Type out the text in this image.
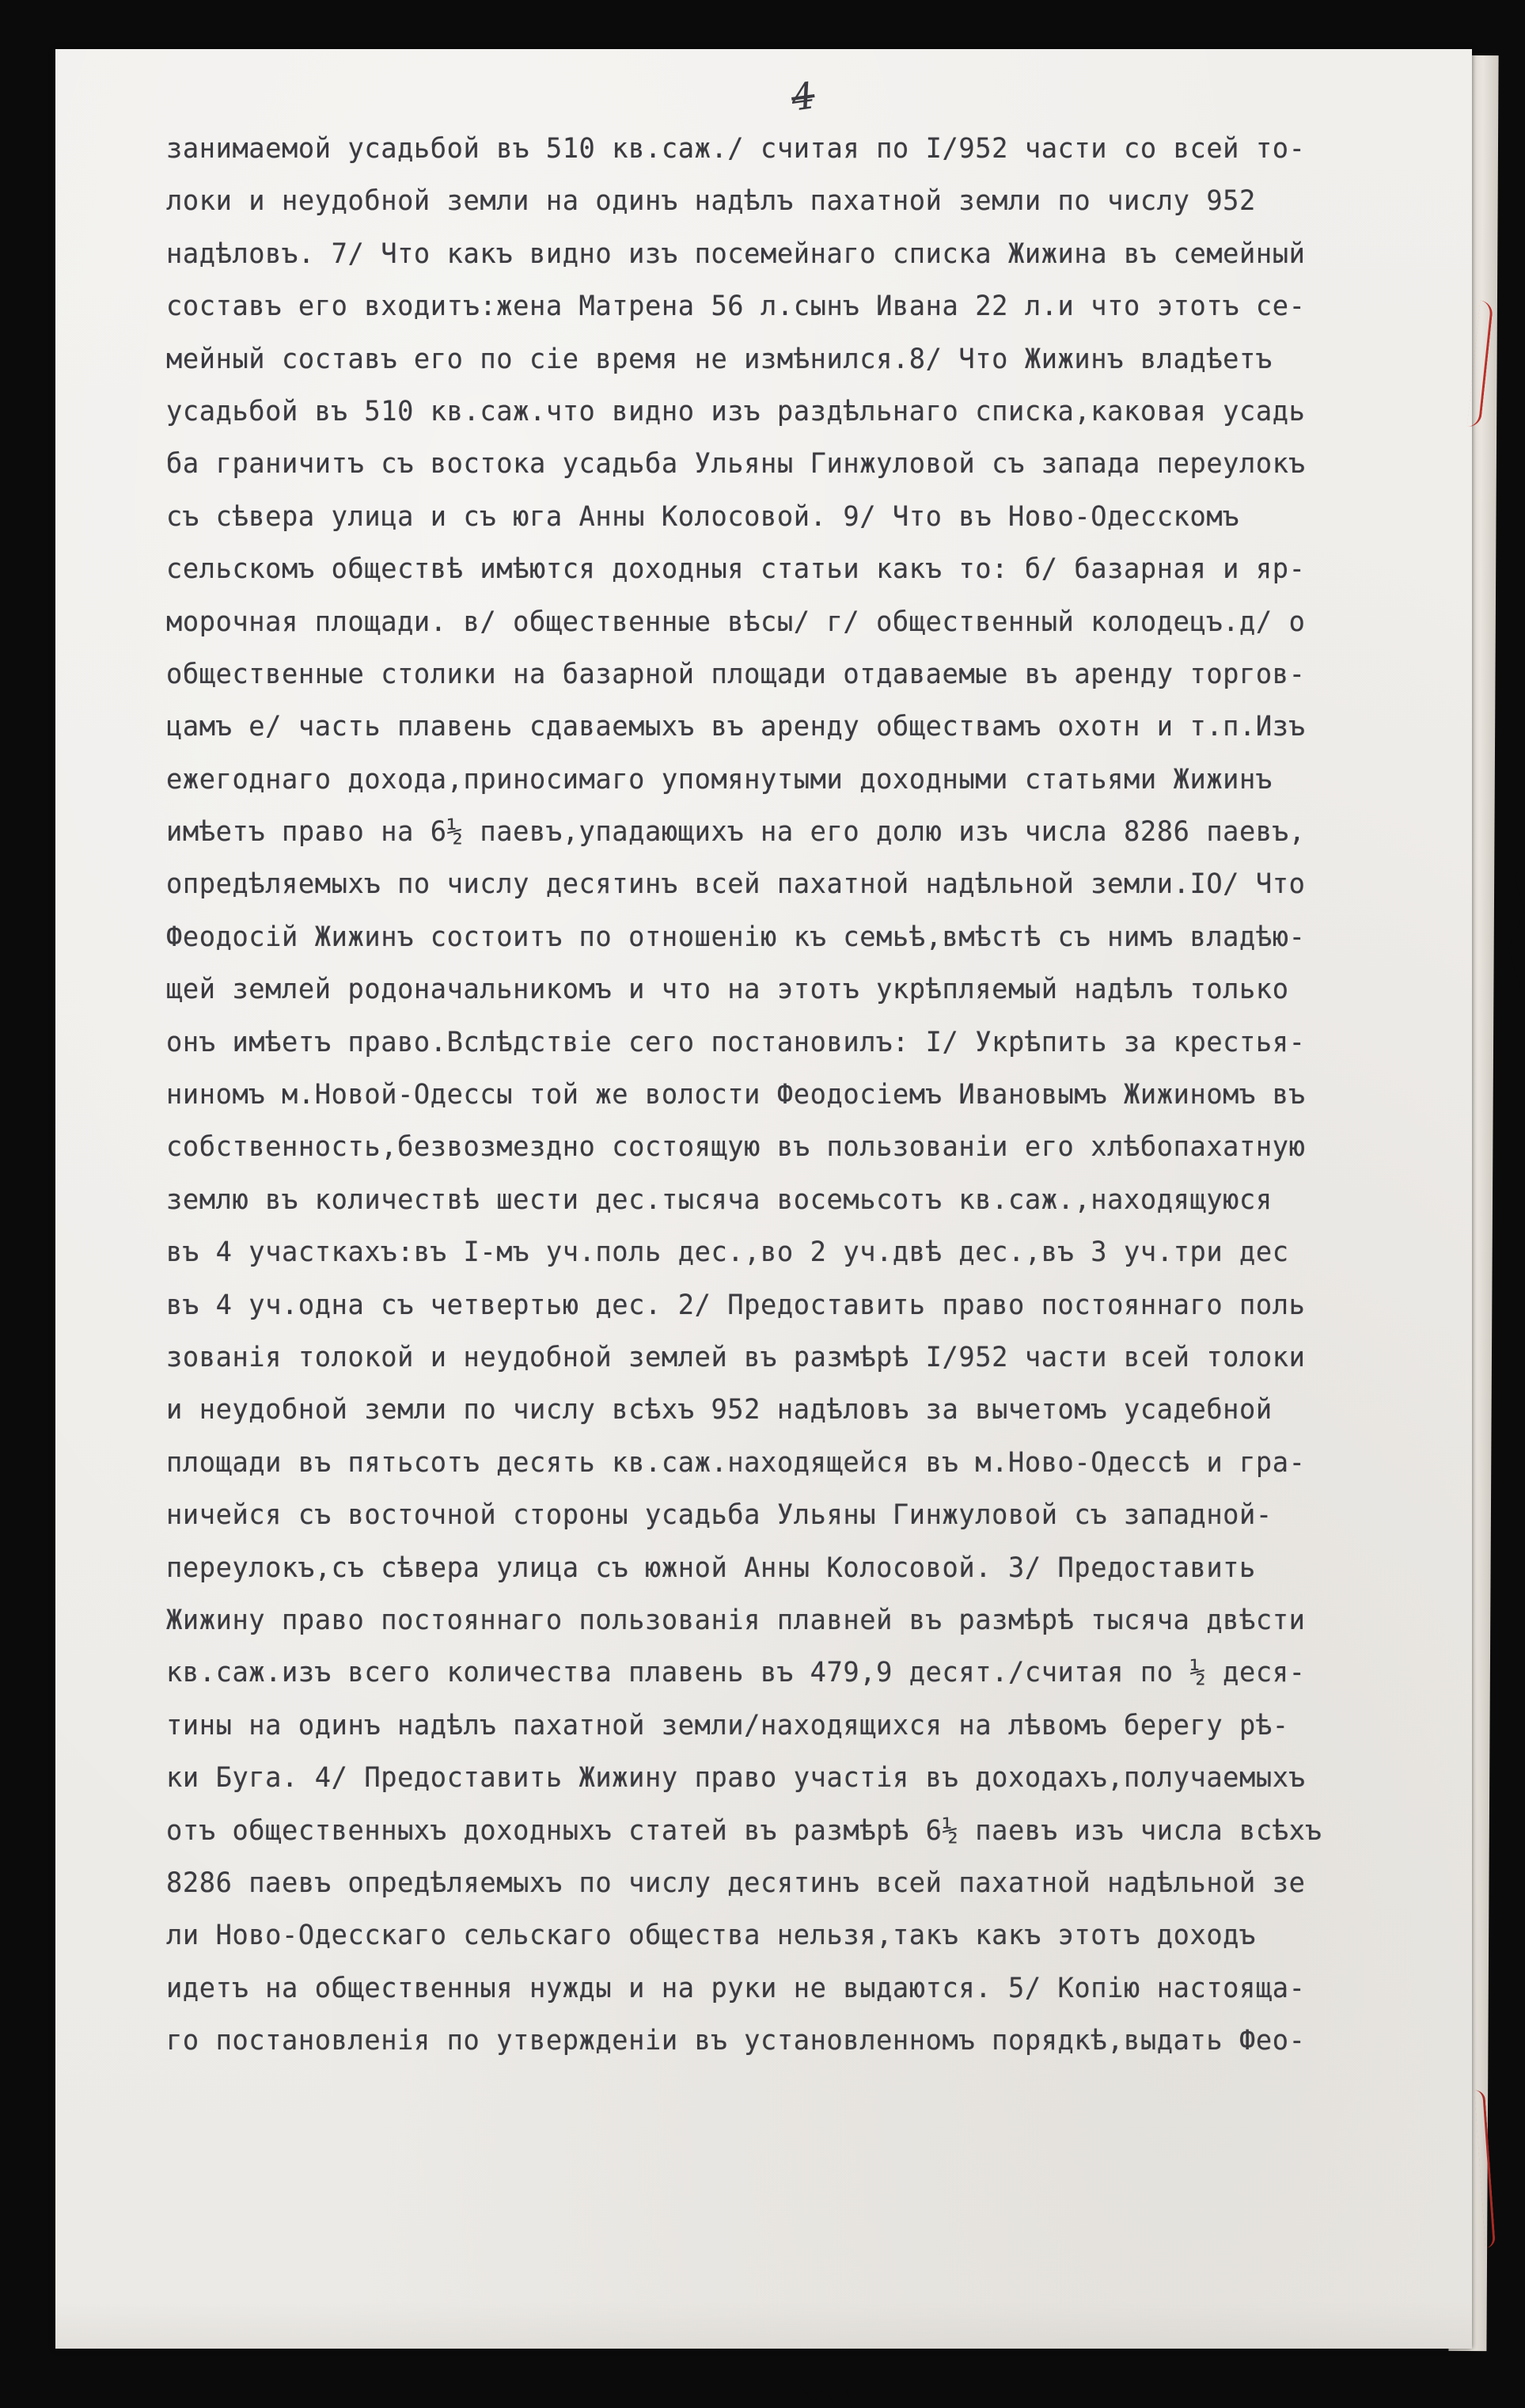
4
занимаемой усадьбой въ 510 кв.саж./ считая по I/952 части со всей то-
локи и неудобной земли на одинъ надѣлъ пахатной земли по числу 952
надѣловъ. 7/ Что какъ видно изъ посемейнаго списка Жижина въ семейный
составъ его входитъ:жена Матрена 56 л.сынъ Ивана 22 л.и что этотъ се-
мейный составъ его по сіе время не измѣнился.8/ Что Жижинъ владѣетъ
усадьбой въ 510 кв.саж.что видно изъ раздѣльнаго списка,каковая усадь
ба граничитъ съ востока усадьба Ульяны Гинжуловой съ запада переулокъ
съ сѣвера улица и съ юга Анны Колосовой. 9/ Что въ Ново-Одесскомъ
сельскомъ обществѣ имѣются доходныя статьи какъ то: б/ базарная и яр-
морочная площади. в/ общественные вѣсы/ г/ общественный колодецъ.д/ о
общественные столики на базарной площади отдаваемые въ аренду торгов-
цамъ е/ часть плавень сдаваемыхъ въ аренду обществамъ охотн и т.п.Изъ
ежегоднаго дохода,приносимаго упомянутыми доходными статьями Жижинъ
имѣетъ право на 6½ паевъ,упадающихъ на его долю изъ числа 8286 паевъ,
опредѣляемыхъ по числу десятинъ всей пахатной надѣльной земли.IO/ Что
Феодосій Жижинъ состоитъ по отношенію къ семьѣ,вмѣстѣ съ нимъ владѣю-
щей землей родоначальникомъ и что на этотъ укрѣпляемый надѣлъ только
онъ имѣетъ право.Вслѣдствіе сего постановилъ: I/ Укрѣпить за крестья-
ниномъ м.Новой-Одессы той же волости Феодосіемъ Ивановымъ Жижиномъ въ
собственность,безвозмездно состоящую въ пользованіи его хлѣбопахатную
землю въ количествѣ шести дес.тысяча восемьсотъ кв.саж.,находящуюся
въ 4 участкахъ:въ I-мъ уч.поль дес.,во 2 уч.двѣ дес.,въ 3 уч.три дес
въ 4 уч.одна съ четвертью дес. 2/ Предоставить право постояннаго поль
зованія толокой и неудобной землей въ размѣрѣ I/952 части всей толоки
и неудобной земли по числу всѣхъ 952 надѣловъ за вычетомъ усадебной
площади въ пятьсотъ десять кв.саж.находящейся въ м.Ново-Одессѣ и гра-
ничейся съ восточной стороны усадьба Ульяны Гинжуловой съ западной-
переулокъ,съ сѣвера улица съ южной Анны Колосовой. 3/ Предоставить
Жижину право постояннаго пользованія плавней въ размѣрѣ тысяча двѣсти
кв.саж.изъ всего количества плавень въ 479,9 десят./считая по ½ деся-
тины на одинъ надѣлъ пахатной земли/находящихся на лѣвомъ берегу рѣ-
ки Буга. 4/ Предоставить Жижину право участія въ доходахъ,получаемыхъ
отъ общественныхъ доходныхъ статей въ размѣрѣ 6½ паевъ изъ числа всѣхъ
8286 паевъ опредѣляемыхъ по числу десятинъ всей пахатной надѣльной зе
ли Ново-Одесскаго сельскаго общества нельзя,такъ какъ этотъ доходъ
идетъ на общественныя нужды и на руки не выдаются. 5/ Копію настояща-
го постановленія по утвержденіи въ установленномъ порядкѣ,выдать Фео-
